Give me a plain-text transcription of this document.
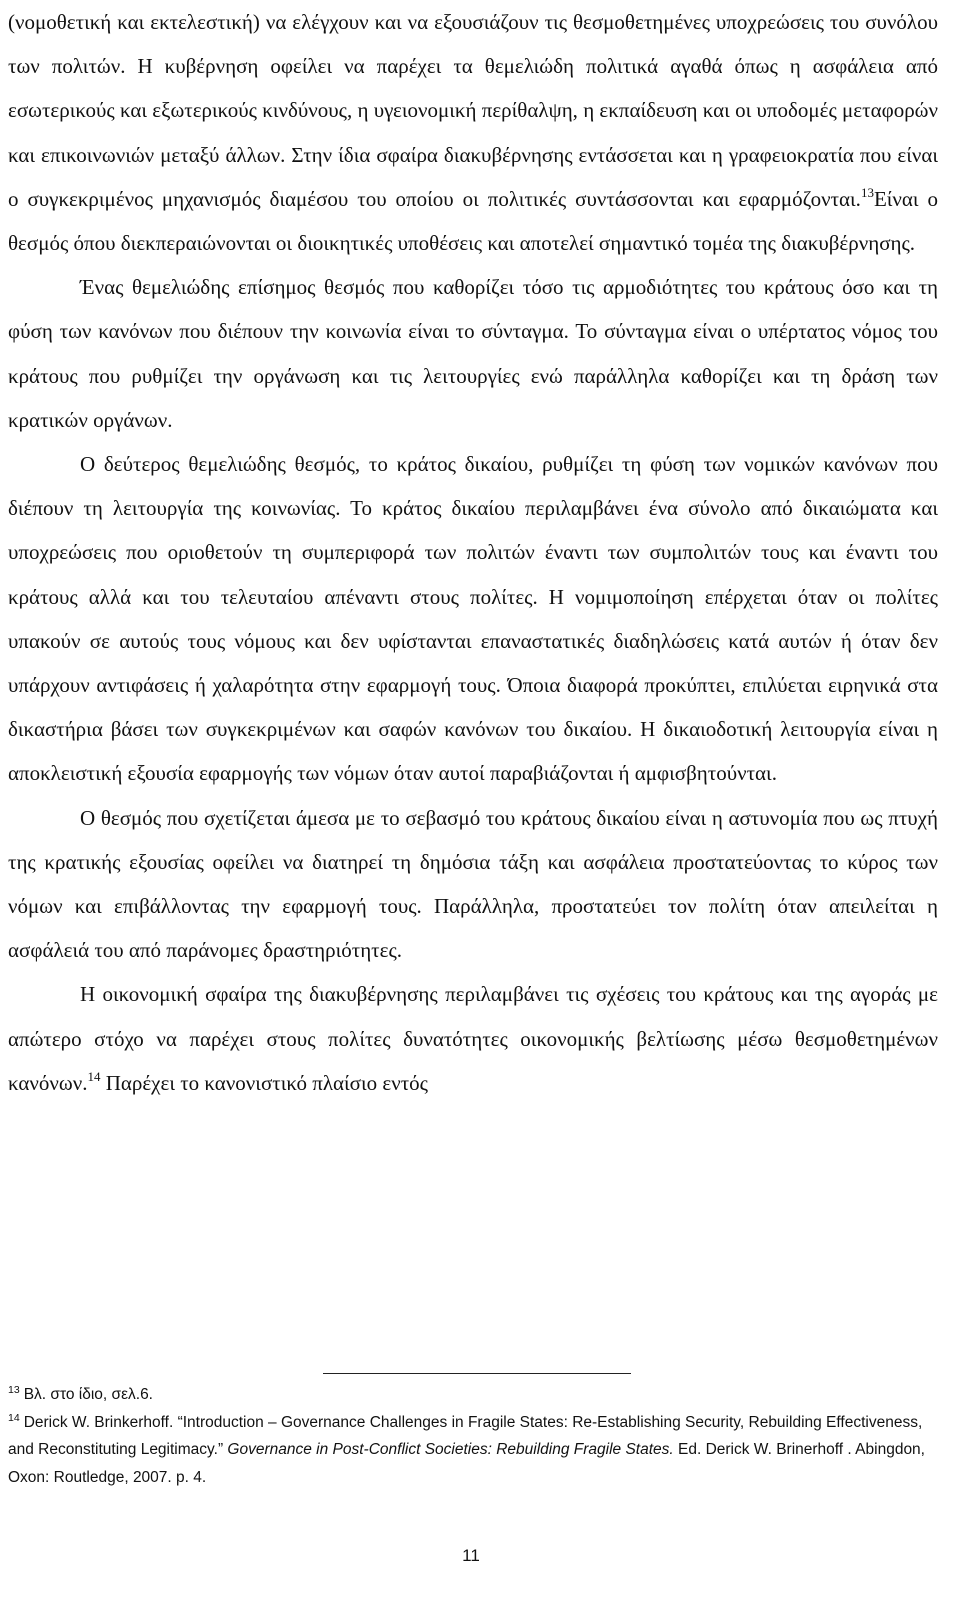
(νομοθετική και εκτελεστική) να ελέγχουν και να εξουσιάζουν τις θεσμοθετημένες υποχρεώσεις του συνόλου των πολιτών. Η κυβέρνηση οφείλει να παρέχει τα θεμελιώδη πολιτικά αγαθά όπως η ασφάλεια από εσωτερικούς και εξωτερικούς κινδύνους, η υγειονομική περίθαλψη, η εκπαίδευση και οι υποδομές μεταφορών και επικοινωνιών μεταξύ άλλων. Στην ίδια σφαίρα διακυβέρνησης εντάσσεται και η γραφειοκρατία που είναι ο συγκεκριμένος μηχανισμός διαμέσου του οποίου οι πολιτικές συντάσσονται και εφαρμόζονται.$^{13}$Είναι ο θεσμός όπου διεκπεραιώνονται οι διοικητικές υποθέσεις και αποτελεί σημαντικό τομέα της διακυβέρνησης.

Ένας θεμελιώδης επίσημος θεσμός που καθορίζει τόσο τις αρμοδιότητες του κράτους όσο και τη φύση των κανόνων που διέπουν την κοινωνία είναι το σύνταγμα. Το σύνταγμα είναι ο υπέρτατος νόμος του κράτους που ρυθμίζει την οργάνωση και τις λειτουργίες ενώ παράλληλα καθορίζει και τη δράση των κρατικών οργάνων.

Ο δεύτερος θεμελιώδης θεσμός, το κράτος δικαίου, ρυθμίζει τη φύση των νομικών κανόνων που διέπουν τη λειτουργία της κοινωνίας. Το κράτος δικαίου περιλαμβάνει ένα σύνολο από δικαιώματα και υποχρεώσεις που οριοθετούν τη συμπεριφορά των πολιτών έναντι των συμπολιτών τους και έναντι του κράτους αλλά και του τελευταίου απέναντι στους πολίτες. Η νομιμοποίηση επέρχεται όταν οι πολίτες υπακούν σε αυτούς τους νόμους και δεν υφίστανται επαναστατικές διαδηλώσεις κατά αυτών ή όταν δεν υπάρχουν αντιφάσεις ή χαλαρότητα στην εφαρμογή τους. Όποια διαφορά προκύπτει, επιλύεται ειρηνικά στα δικαστήρια βάσει των συγκεκριμένων και σαφών κανόνων του δικαίου. Η δικαιοδοτική λειτουργία είναι η αποκλειστική εξουσία εφαρμογής των νόμων όταν αυτοί παραβιάζονται ή αμφισβητούνται.

Ο θεσμός που σχετίζεται άμεσα με το σεβασμό του κράτους δικαίου είναι η αστυνομία που ως πτυχή της κρατικής εξουσίας οφείλει να διατηρεί τη δημόσια τάξη και ασφάλεια προστατεύοντας το κύρος των νόμων και επιβάλλοντας την εφαρμογή τους. Παράλληλα, προστατεύει τον πολίτη όταν απειλείται η ασφάλειά του από παράνομες δραστηριότητες.

Η οικονομική σφαίρα της διακυβέρνησης περιλαμβάνει τις σχέσεις του κράτους και της αγοράς με απώτερο στόχο να παρέχει στους πολίτες δυνατότητες οικονομικής βελτίωσης μέσω θεσμοθετημένων κανόνων.$^{14}$ Παρέχει το κανονιστικό πλαίσιο εντός

$^{13}$ Βλ. στο ίδιο, σελ.6.

$^{14}$ Derick W. Brinkerhoff. “Introduction – Governance Challenges in Fragile States: Re-Establishing Security, Rebuilding Effectiveness, and Reconstituting Legitimacy.” Governance in Post-Conflict Societies: Rebuilding Fragile States. Ed. Derick W. Brinerhoff . Abingdon, Oxon: Routledge, 2007. p. 4.

11
